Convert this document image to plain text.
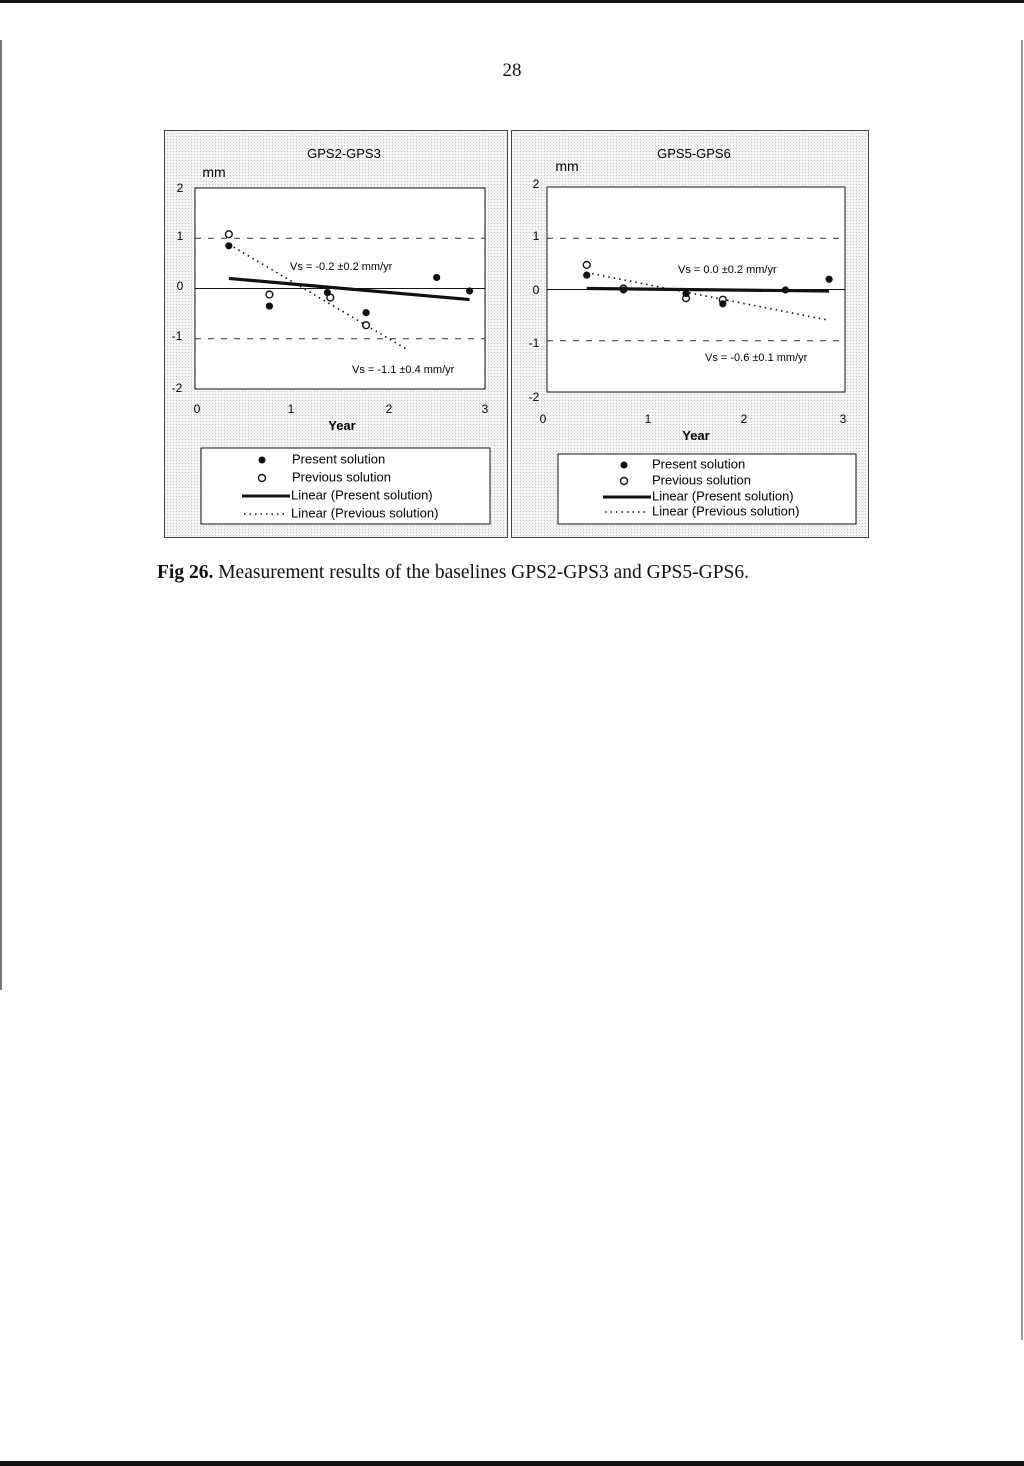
28
GPS2-GPS3
mm
Year
2
1
0
-1
-2
0	1	2	3
Vs = -0.2 ±0.2 mm/yr
Vs = -1.1 ±0.4 mm/yr
Present solution
Previous solution
Linear (Present solution)
Linear (Previous solution)
GPS5-GPS6
mm
Year
2
1
0
-1
-2
0	1	2	3
Vs = 0.0 ±0.2 mm/yr
Vs = -0.6 ±0.1 mm/yr
Present solution
Previous solution
Linear (Present solution)
Linear (Previous solution)
Fig 26. Measurement results of the baselines GPS2-GPS3 and GPS5-GPS6.
